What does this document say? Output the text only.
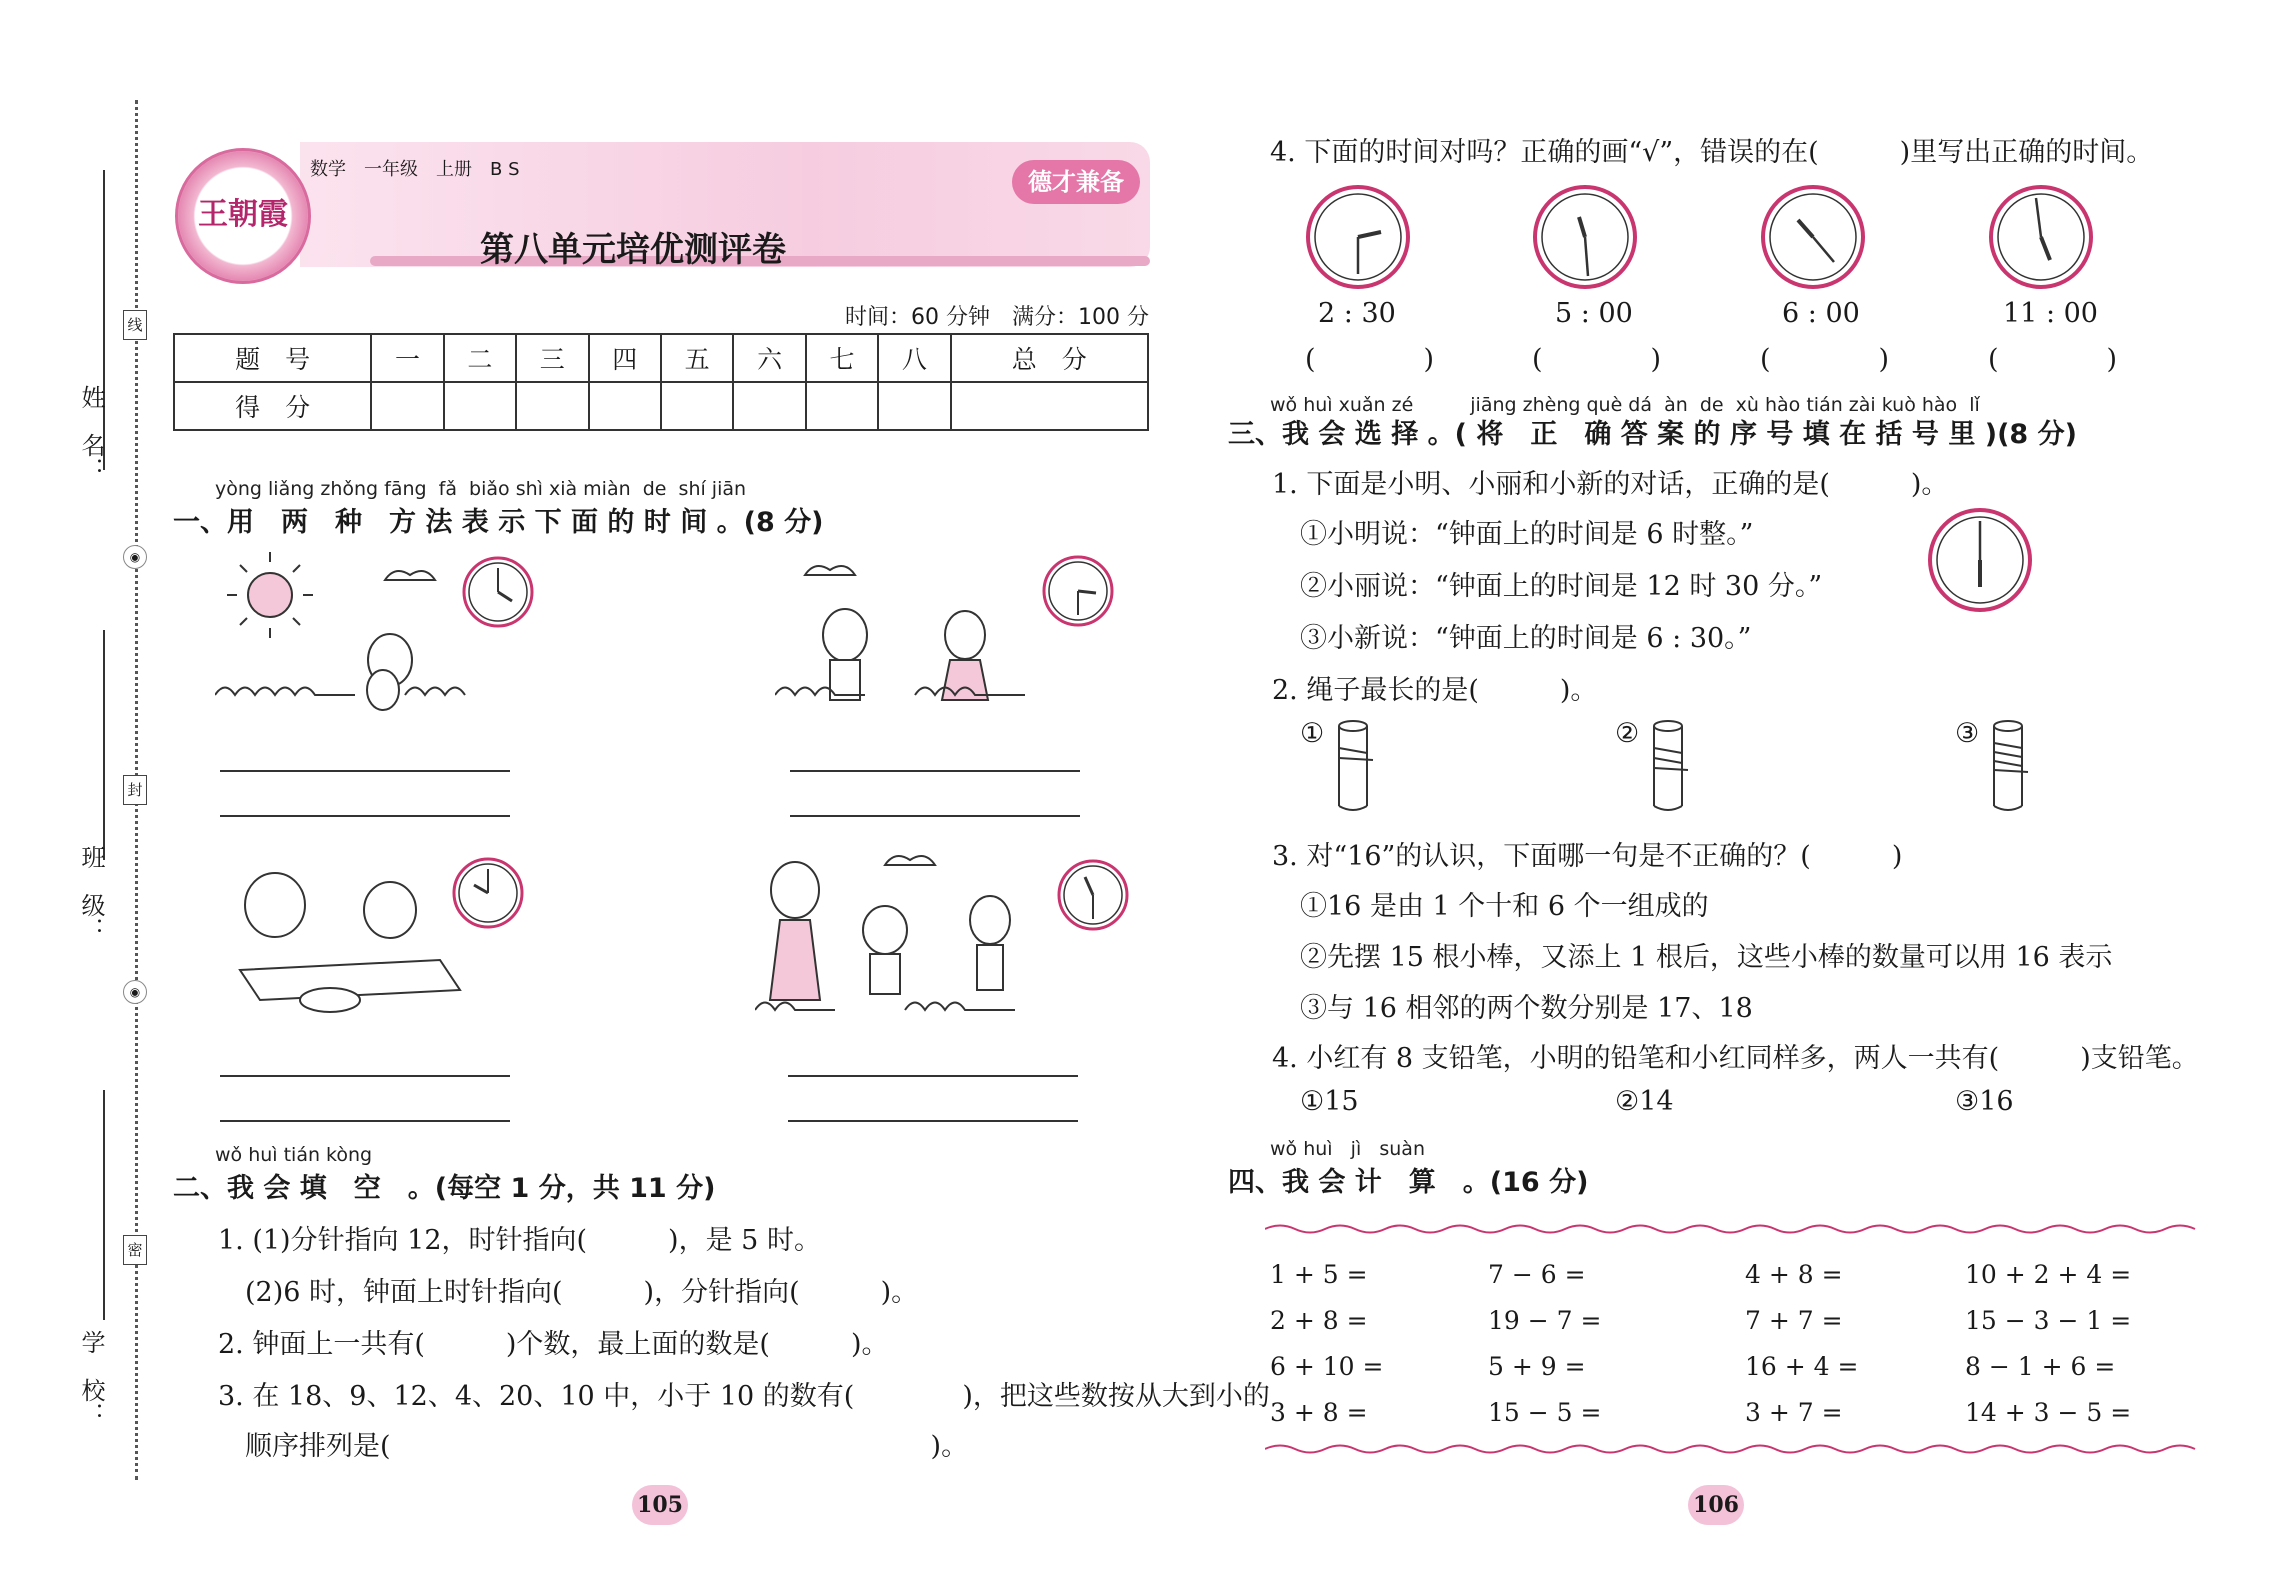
姓　名：
班　级：
学　校：
线
◉
封
◉
密
王朝霞
数学　一年级　上册　B S
第八单元培优测评卷
德才兼备
时间：60 分钟　满分：100 分
题　号	一	二	三	四	五	六	七	八	总　分
得　分									
yòng liǎng zhǒng fāng  fǎ  biǎo shì xià miàn  de  shí jiān
一、用　两　种　方 法 表 示 下 面 的 时 间 。(8 分)
wǒ huì tián kòng
二、我 会 填　空　。(每空 1 分，共 11 分)
1. (1)分针指向 12，时针指向(　　　)，是 5 时。
(2)6 时，钟面上时针指向(　　　)，分针指向(　　　)。
2. 钟面上一共有(　　　)个数，最上面的数是(　　　)。
3. 在 18、9、12、4、20、10 中，小于 10 的数有(　　　　)，把这些数按从大到小的
顺序排列是(　　　　　　　　　　　　　　　　　　　　)。
105
4. 下面的时间对吗？正确的画“√”，错误的在(　　　)里写出正确的时间。
2 : 30	5 : 00	6 : 00	11 : 00
(　　　　)	(　　　　)	(　　　　)	(　　　　)
wǒ huì xuǎn zé　　　jiāng zhèng què dá  àn  de  xù hào tián zài kuò hào  lǐ
三、我 会 选 择 。( 将　正　确 答 案 的 序 号 填 在 括 号 里 )(8 分)
1. 下面是小明、小丽和小新的对话，正确的是(　　　)。
①小明说：“钟面上的时间是 6 时整。”
②小丽说：“钟面上的时间是 12 时 30 分。”
③小新说：“钟面上的时间是 6 : 30。”
2. 绳子最长的是(　　　)。
①	②	③
3. 对“16”的认识，下面哪一句是不正确的？(　　　)
①16 是由 1 个十和 6 个一组成的
②先摆 15 根小棒，又添上 1 根后，这些小棒的数量可以用 16 表示
③与 16 相邻的两个数分别是 17、18
4. 小红有 8 支铅笔，小明的铅笔和小红同样多，两人一共有(　　　)支铅笔。
①15	②14	③16
wǒ huì   jì   suàn
四、我 会 计　算　。(16 分)
1 + 5 =	7 − 6 =	4 + 8 =	10 + 2 + 4 =
2 + 8 =	19 − 7 =	7 + 7 =	15 − 3 − 1 =
6 + 10 =	5 + 9 =	16 + 4 =	8 − 1 + 6 =
3 + 8 =	15 − 5 =	3 + 7 =	14 + 3 − 5 =
106
